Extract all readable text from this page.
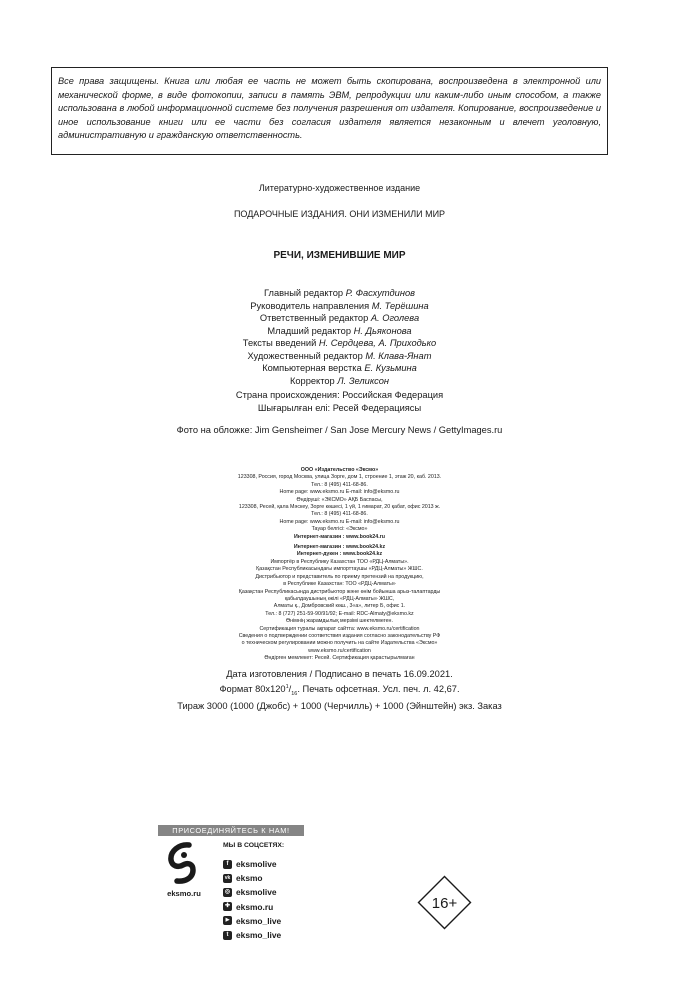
Все права защищены. Книга или любая ее часть не может быть скопирована, воспроизведена в электронной или механической форме, в виде фотокопии, записи в память ЭВМ, репродукции или каким-либо иным способом, а также использована в любой информационной системе без получения разрешения от издателя. Копирование, воспроизведение и иное использование книги или ее части без согласия издателя является незаконным и влечет уголовную, административную и гражданскую ответственность.
Литературно-художественное издание
ПОДАРОЧНЫЕ ИЗДАНИЯ. ОНИ ИЗМЕНИЛИ МИР
РЕЧИ, ИЗМЕНИВШИЕ МИР
Главный редактор Р. Фасхутдинов
Руководитель направления М. Терёшина
Ответственный редактор А. Оголева
Младший редактор Н. Дьяконова
Тексты введений Н. Сердцева, А. Приходько
Художественный редактор М. Клава-Янат
Компьютерная верстка Е. Кузьмина
Корректор Л. Зеликсон
Страна происхождения: Российская Федерация
Шығарылған елі: Ресей Федерациясы
Фото на обложке: Jim Gensheimer / San Jose Mercury News / GettyImages.ru
ООО «Издательство «Эксмо»
123308, Россия, город Москва, улица Зорге, дом 1, строение 1, этаж 20, каб. 2013.
Тел.: 8 (495) 411-68-86.
Home page: www.eksmo.ru E-mail: info@eksmo.ru
Өндіруші: «ЭКСМО» АҚБ Баспасы,
123308, Ресей, қала Мәскеу, Зорге көшесі, 1 үй, 1 ғимарат, 20 қабат, офис 2013 ж.
Тел.: 8 (495) 411-68-86.
Home page: www.eksmo.ru E-mail: info@eksmo.ru
Тауар белгісі: «Эксмо»
Интернет-магазин : www.book24.ru
Интернет-магазин : www.book24.kz
Интернет-дүкен : www.book24.kz
Импортёр в Республику Казахстан ТОО «РДЦ-Алматы».
Қазақстан Республикасындағы импорттаушы «РДЦ-Алматы» ЖШС.
Дистрибьютор и представитель по приему претензий на продукцию,
в Республике Казахстан: ТОО «РДЦ-Алматы»
Қазақстан Республикасында дистрибьютор және өнім бойынша арыз-талаптарды
қабылдаушының өкілі «РДЦ-Алматы» ЖШС,
Алматы қ., Домбровский көш., 3«а», литер Б, офис 1.
Тел.: 8 (727) 251-59-90/91/92; E-mail: RDC-Almaty@eksmo.kz
Өнімнің жарамдылық мерзімі шектелмеген.
Сертификация туралы ақпарат сайтта: www.eksmo.ru/certification
Сведения о подтверждении соответствия издания согласно законодательству РФ
о техническом регулировании можно получить на сайте Издательства «Эксмо»
www.eksmo.ru/certification
Өндірген мемлекет: Ресей. Сертификация қарастырылмаған
Дата изготовления / Подписано в печать 16.09.2021.
Формат $80x120^1/_{16}$. Печать офсетная. Усл. печ. л. 42,67.
Тираж 3000 (1000 (Джобс) + 1000 (Черчилль) + 1000 (Эйнштейн) экз. Заказ
ПРИСОЕДИНЯЙТЕСЬ К НАМ!
eksmo.ru
МЫ В СОЦСЕТЯХ:
f eksmolive
vk eksmo
◎ eksmolive
✚ eksmo.ru
▶ eksmo_live
t eksmo_live
16+
